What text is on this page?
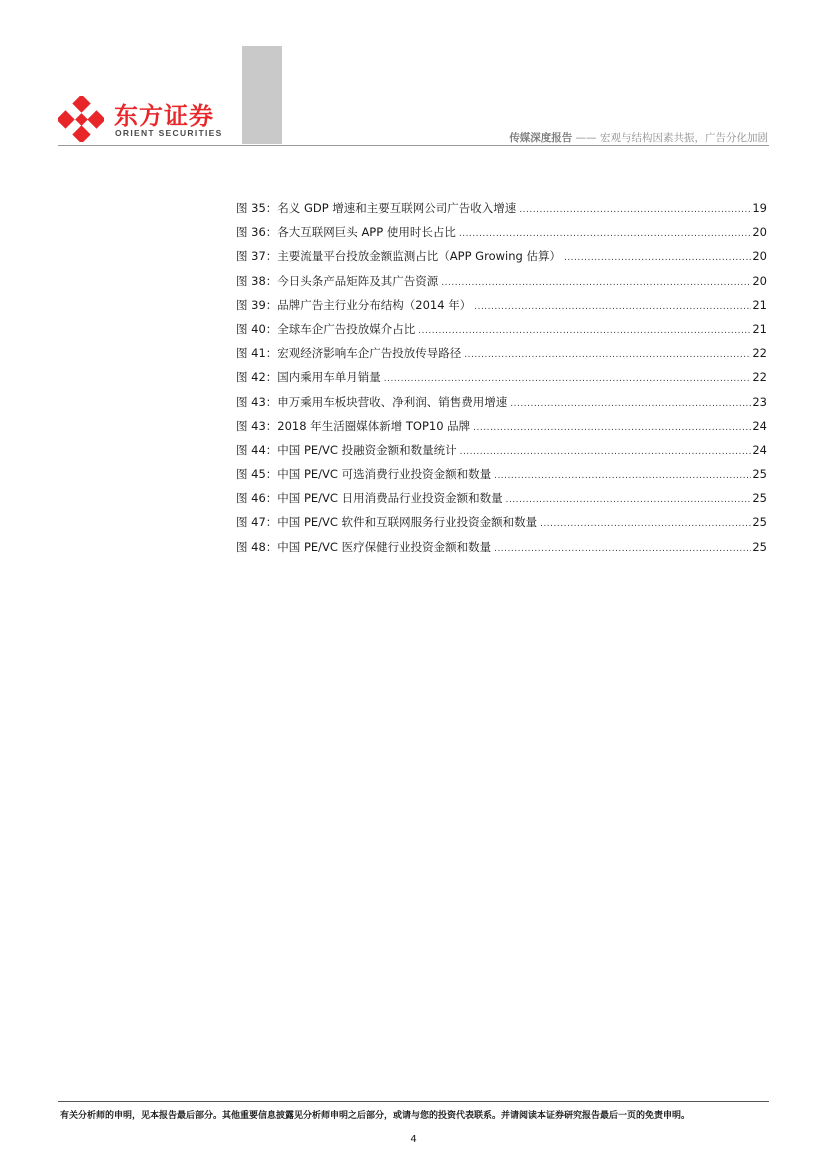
东方证券
ORIENT SECURITIES	传媒深度报告 —— 宏观与结构因素共振，广告分化加剧
图 35：名义 GDP 增速和主要互联网公司广告收入增速 .....	19
图 36：各大互联网巨头 APP 使用时长占比 .....	20
图 37：主要流量平台投放金额监测占比（APP Growing 估算） .....	20
图 38：今日头条产品矩阵及其广告资源 .....	20
图 39：品牌广告主行业分布结构（2014 年） .....	21
图 40：全球车企广告投放媒介占比 .....	21
图 41：宏观经济影响车企广告投放传导路径 .....	22
图 42：国内乘用车单月销量 .....	22
图 43：申万乘用车板块营收、净利润、销售费用增速 .....	23
图 43：2018 年生活圈媒体新增 TOP10 品牌 .....	24
图 44：中国 PE/VC 投融资金额和数量统计 .....	24
图 45：中国 PE/VC 可选消费行业投资金额和数量 .....	25
图 46：中国 PE/VC 日用消费品行业投资金额和数量 .....	25
图 47：中国 PE/VC 软件和互联网服务行业投资金额和数量 .....	25
图 48：中国 PE/VC 医疗保健行业投资金额和数量 .....	25
有关分析师的申明，见本报告最后部分。其他重要信息披露见分析师申明之后部分，或请与您的投资代表联系。并请阅读本证券研究报告最后一页的免责申明。
4
